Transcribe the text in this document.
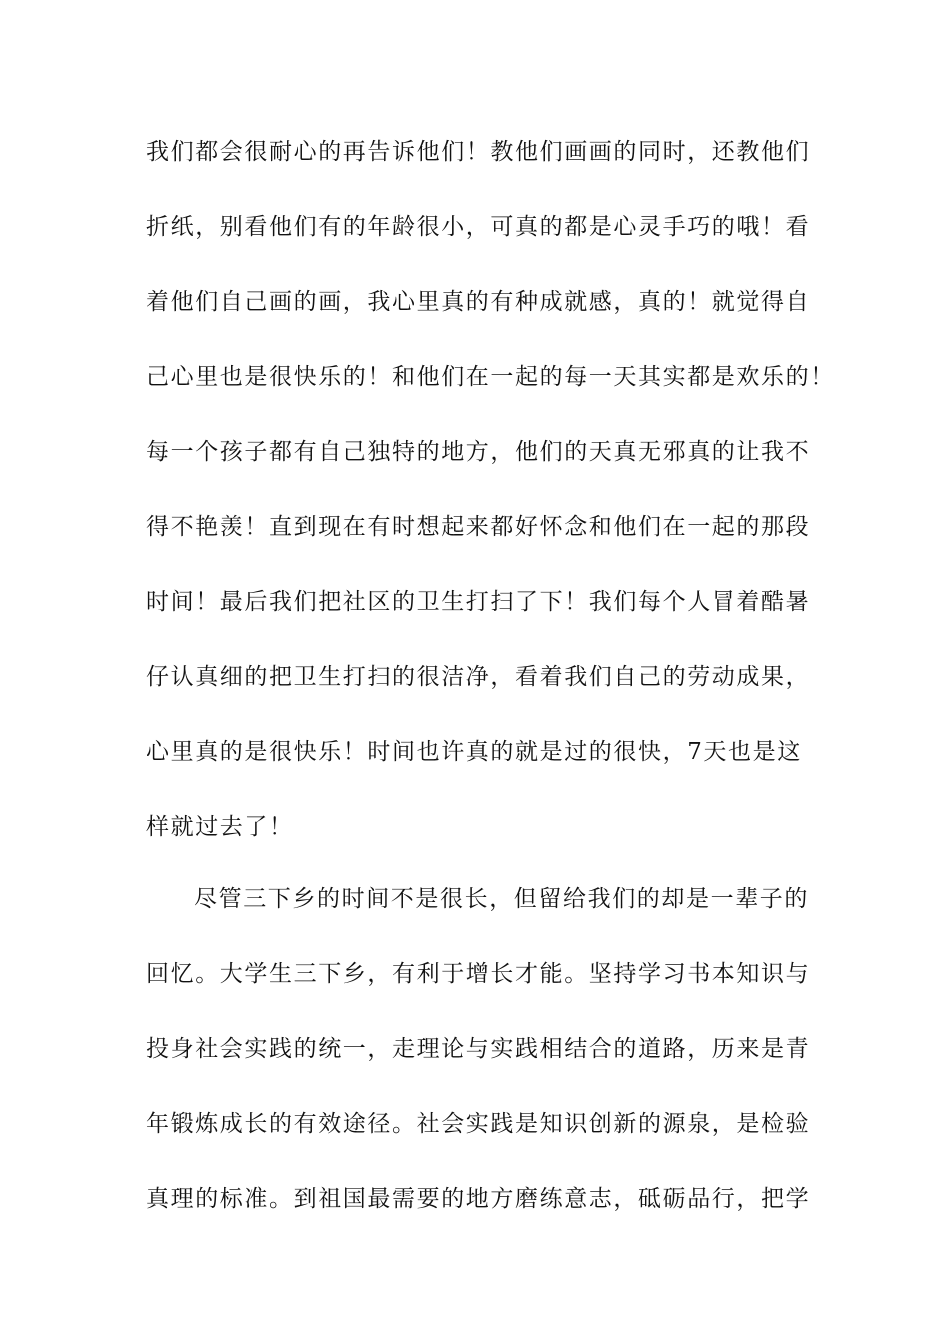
我们都会很耐心的再告诉他们！教他们画画的同时，还教他们
折纸，别看他们有的年龄很小，可真的都是心灵手巧的哦！看
着他们自己画的画，我心里真的有种成就感，真的！就觉得自
己心里也是很快乐的！和他们在一起的每一天其实都是欢乐的！
每一个孩子都有自己独特的地方，他们的天真无邪真的让我不
得不艳羡！直到现在有时想起来都好怀念和他们在一起的那段
时间！最后我们把社区的卫生打扫了下！我们每个人冒着酷暑
仔认真细的把卫生打扫的很洁净，看着我们自己的劳动成果，
心里真的是很快乐！时间也许真的就是过的很快，7天也是这
样就过去了！
尽管三下乡的时间不是很长，但留给我们的却是一辈子的
回忆。大学生三下乡，有利于增长才能。坚持学习书本知识与
投身社会实践的统一，走理论与实践相结合的道路，历来是青
年锻炼成长的有效途径。社会实践是知识创新的源泉，是检验
真理的标准。到祖国最需要的地方磨练意志，砥砺品行，把学
